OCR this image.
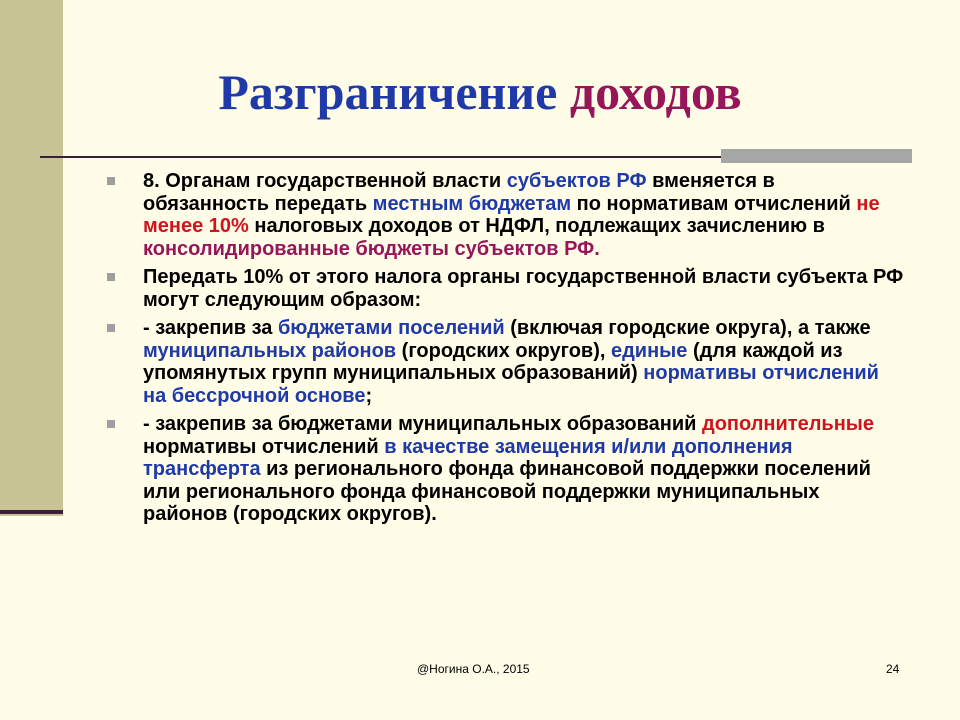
Разграничение доходов
8. Органам государственной власти субъектов РФ вменяется в обязанность передать местным бюджетам по нормативам отчислений не менее 10% налоговых доходов от НДФЛ, подлежащих зачислению в консолидированные бюджеты субъектов РФ.
Передать 10% от этого налога органы государственной власти субъекта РФ могут следующим образом:
- закрепив за бюджетами поселений (включая городские округа), а также муниципальных районов (городских округов), единые (для каждой из упомянутых групп муниципальных образований) нормативы отчислений на бессрочной основе;
- закрепив за бюджетами муниципальных образований дополнительные нормативы отчислений в качестве замещения и/или дополнения трансферта из регионального фонда финансовой поддержки поселений или регионального фонда финансовой поддержки муниципальных районов (городских округов).
@Ногина О.А., 2015	24
